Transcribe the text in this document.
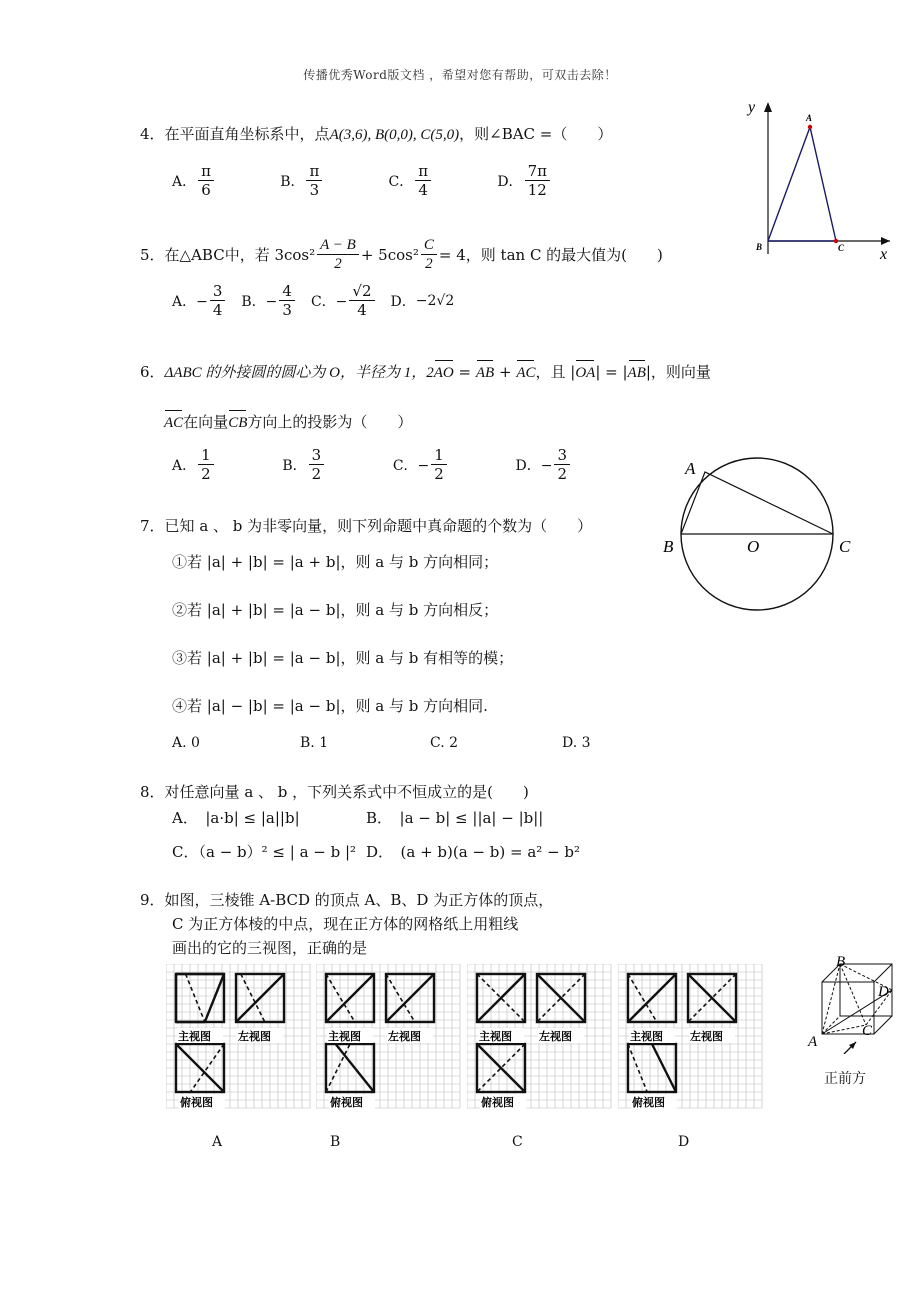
传播优秀Word版文档 ，希望对您有帮助，可双击去除！
4．在平面直角坐标系中，点A(3,6), B(0,0), C(5,0)，则∠BAC =（　　）
A． $\frac{\pi}{6}$	B． $\frac{\pi}{3}$	C． $\frac{\pi}{4}$	D． $\frac{7\pi}{12}$
y
x
A
B	C
5． 在△ABC中，若 $3\cos^2 \frac{A - B}{2} + 5\cos^2 \frac{C}{2} = 4$，则 tan C 的最大值为(　　)
A．− $\frac{3}{4}$ B．− $\frac{4}{3}$ C．− $\frac{√2}{4}$ D． −2√2
6．ΔABC 的外接圆的圆心为 O，半径为 1，2AO = AB + AC，且 |OA| = |AB|，则向量
AC在向量CB方向上的投影为（　　）
A． $\frac{1}{2}$	B． $\frac{3}{2}$	C．− $\frac{1}{2}$	D．− $\frac{3}{2}$	A
B	O	C
7．已知 a 、 b 为非零向量，则下列命题中真命题的个数为（　　）
①若 |a| + |b| = |a + b|，则 a 与 b 方向相同；
②若 |a| + |b| = |a − b|，则 a 与 b 方向相反；
③若 |a| + |b| = |a − b|，则 a 与 b 有相等的模；
④若 |a| − |b| = |a − b|，则 a 与 b 方向相同.
A. 0	B. 1	C. 2	D. 3
8．对任意向量 a 、 b ，下列关系式中不恒成立的是(　　)
A．　|a·b| ≤ |a||b|	B．　|a − b| ≤ ||a| − |b||
C．（a − b）² ≤ | a − b |² D．　(a + b)(a − b) = a² − b²
9．如图，三棱锥 A-BCD 的顶点 A、B、D 为正方体的顶点，
C 为正方体棱的中点，现在正方体的网格纸上用粗线
画出的它的三视图，正确的是
主视图 左视图
俯视图
主视图 左视图
俯视图
主视图 左视图
俯视图
主视图 左视图
俯视图
A	B	C	D
B
D
C
A
正前方
